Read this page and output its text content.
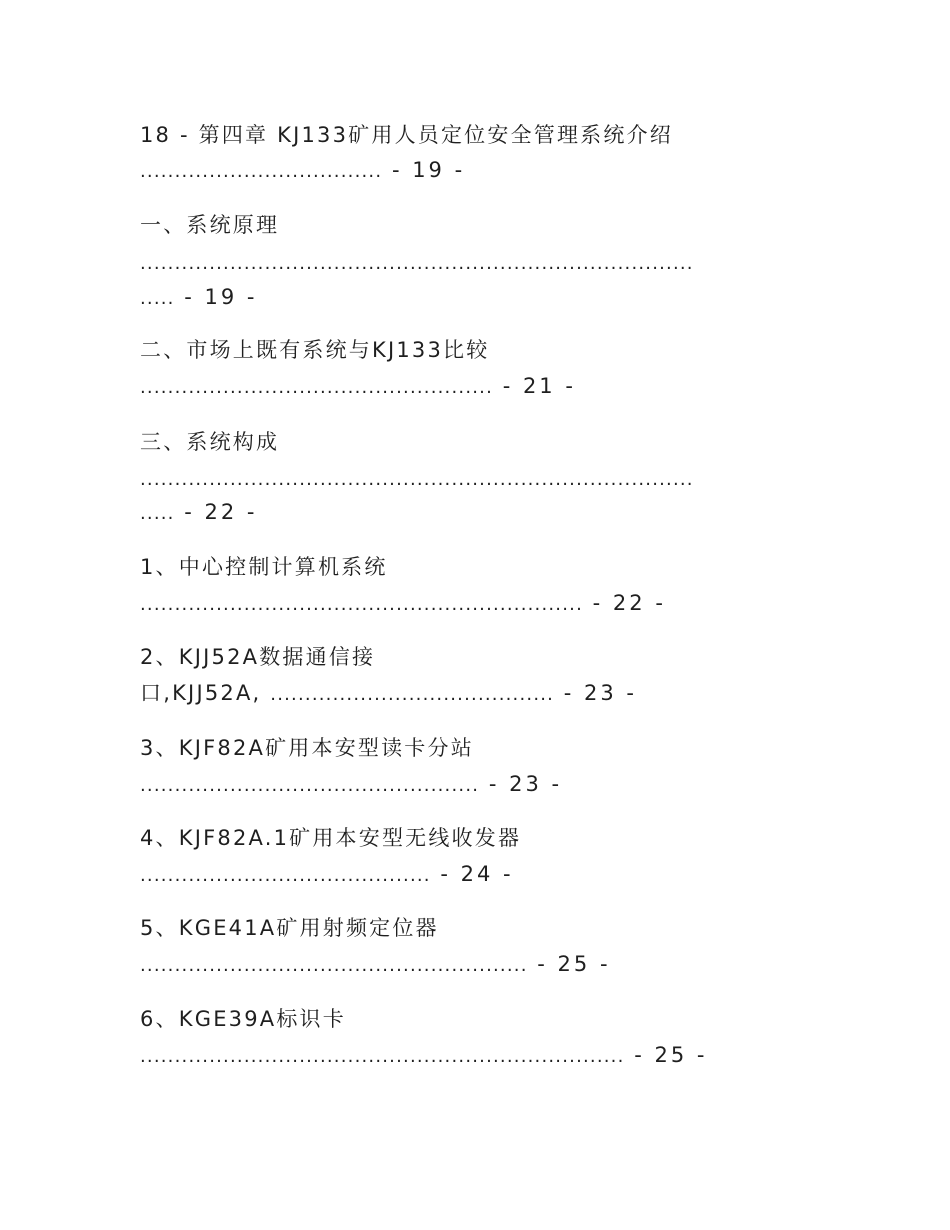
18 - 第四章 KJ133矿用人员定位安全管理系统介绍
................................... - 19 -
一、系统原理
................................................................................
..... - 19 -
二、市场上既有系统与KJ133比较
................................................... - 21 -
三、系统构成
................................................................................
..... - 22 -
1、中心控制计算机系统
................................................................ - 22 -
2、KJJ52A数据通信接
口,KJJ52A, ......................................... - 23 -
3、KJF82A矿用本安型读卡分站
................................................. - 23 -
4、KJF82A.1矿用本安型无线收发器
.......................................... - 24 -
5、KGE41A矿用射频定位器
........................................................ - 25 -
6、KGE39A标识卡
...................................................................... - 25 -
